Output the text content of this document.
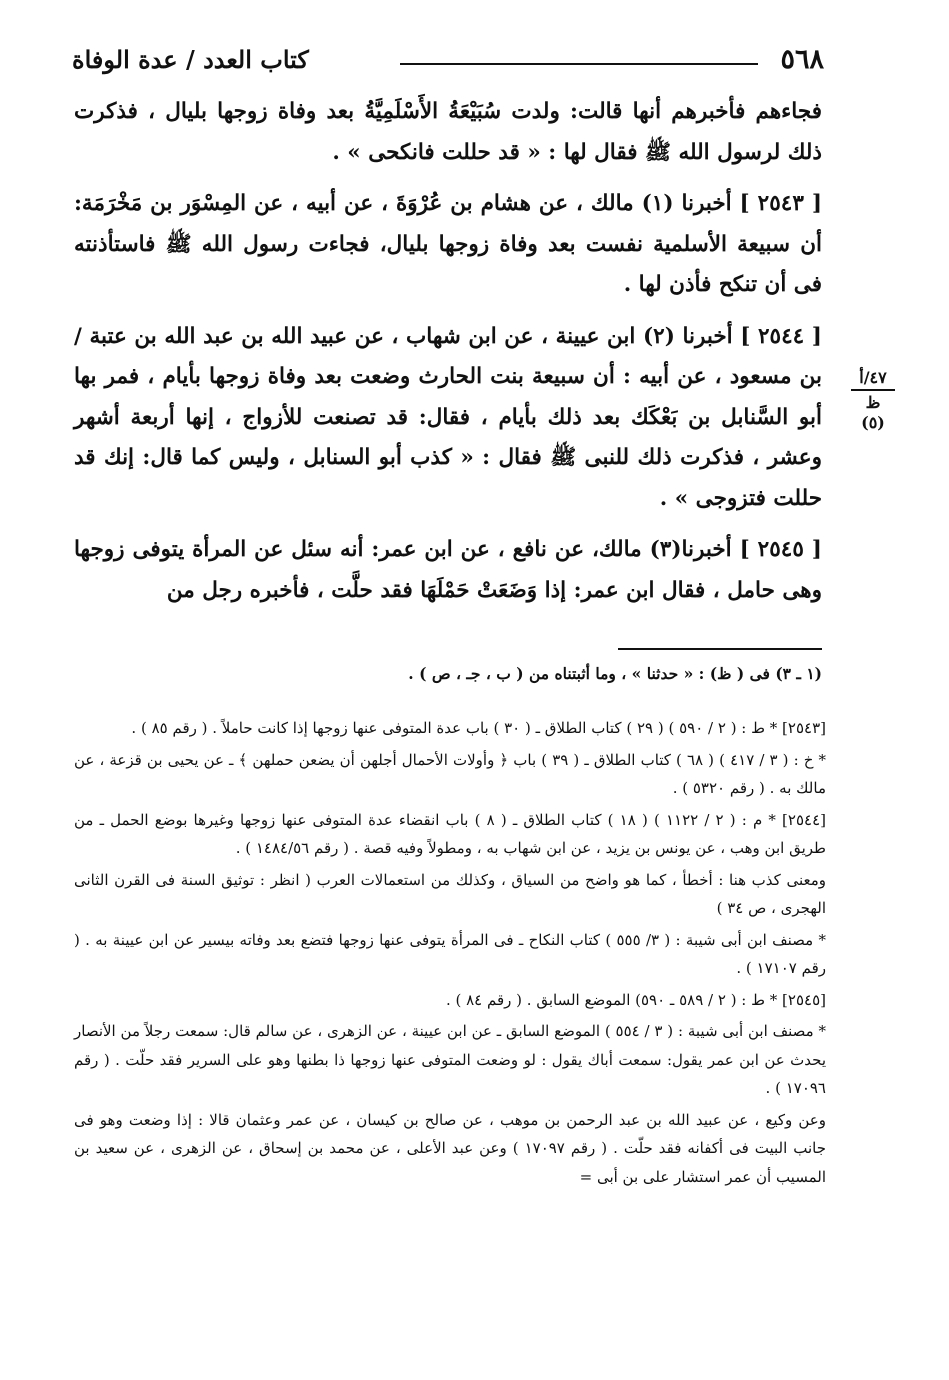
٥٦٨
كتاب العدد / عدة الوفاة

فجاءهم فأخبرهم أنها قالت: ولدت سُبَيْعَةُ الأَسْلَمِيَّةُ بعد وفاة زوجها بليال ، فذكرت ذلك لرسول الله ﷺ فقال لها : « قد حللت فانكحى » .

[ ٢٥٤٣ ] أخبرنا (١) مالك ، عن هشام بن عُرْوَةَ ، عن أبيه ، عن المِسْوَر بن مَخْرَمَة: أن سبيعة الأسلمية نفست بعد وفاة زوجها بليال، فجاءت رسول الله ﷺ فاستأذنته فى أن تنكح فأذن لها .

[ ٢٥٤٤ ] أخبرنا (٢) ابن عيينة ، عن ابن شهاب ، عن عبيد الله بن عبد الله بن عتبة / بن مسعود ، عن أبيه : أن سبيعة بنت الحارث وضعت بعد وفاة زوجها بأيام ، فمر بها أبو السَّنابل بن بَعْكَك بعد ذلك بأيام ، فقال: قد تصنعت للأزواج ، إنها أربعة أشهر وعشر ، فذكرت ذلك للنبى ﷺ فقال : « كذب أبو السنابل ، وليس كما قال: إنك قد حللت فتزوجى » .

[ ٢٥٤٥ ] أخبرنا(٣) مالك، عن نافع ، عن ابن عمر: أنه سئل عن المرأة يتوفى زوجها وهى حامل ، فقال ابن عمر: إذا وَضَعَتْ حَمْلَهَا فقد حلَّت ، فأخبره رجل من

٤٧/أ
ظ (٥)

(١ ـ ٣) فى ( ظ) : « حدثنا » ، وما أثبتناه من ( ب ، جـ ، ص ) .

[٢٥٤٣] * ط : ( ٢ / ٥٩٠ ) ( ٢٩ ) كتاب الطلاق ـ ( ٣٠ ) باب عدة المتوفى عنها زوجها إذا كانت حاملاً . ( رقم ٨٥ ) .

* خ : ( ٣ / ٤١٧ ) ( ٦٨ ) كتاب الطلاق ـ ( ٣٩ ) باب ﴿ وأولات الأحمال أجلهن أن يضعن حملهن ﴾ ـ عن يحيى بن قزعة ، عن مالك به . ( رقم ٥٣٢٠ ) .

[٢٥٤٤] * م : ( ٢ / ١١٢٢ ) ( ١٨ ) كتاب الطلاق ـ ( ٨ ) باب انقضاء عدة المتوفى عنها زوجها وغيرها بوضع الحمل ـ من طريق ابن وهب ، عن يونس بن يزيد ، عن ابن شهاب به ، ومطولاً وفيه قصة . ( رقم ١٤٨٤/٥٦ ) .

ومعنى كذب هنا : أخطأ ، كما هو واضح من السياق ، وكذلك من استعمالات العرب ( انظر : توثيق السنة فى القرن الثانى الهجرى ، ص ٣٤ )

* مصنف ابن أبى شيبة : ( ٣/ ٥٥٥ ) كتاب النكاح ـ فى المرأة يتوفى عنها زوجها فتضع بعد وفاته بيسير عن ابن عيينة به . ( رقم ١٧١٠٧ ) .

[٢٥٤٥] * ط : ( ٢ / ٥٨٩ ـ ٥٩٠) الموضع السابق . ( رقم ٨٤ ) .

* مصنف ابن أبى شيبة : ( ٣ / ٥٥٤ ) الموضع السابق ـ عن ابن عيينة ، عن الزهرى ، عن سالم قال: سمعت رجلاً من الأنصار يحدث عن ابن عمر يقول: سمعت أباك يقول : لو وضعت المتوفى عنها زوجها ذا بطنها وهو على السرير فقد حلّت . ( رقم ١٧٠٩٦ ) .

وعن وكيع ، عن عبيد الله بن عبد الرحمن بن موهب ، عن صالح بن كيسان ، عن عمر وعثمان قالا : إذا وضعت وهو فى جانب البيت فى أكفانه فقد حلّت . ( رقم ١٧٠٩٧ ) وعن عبد الأعلى ، عن محمد بن إسحاق ، عن الزهرى ، عن سعيد بن المسيب أن عمر استشار على بن أبى =
